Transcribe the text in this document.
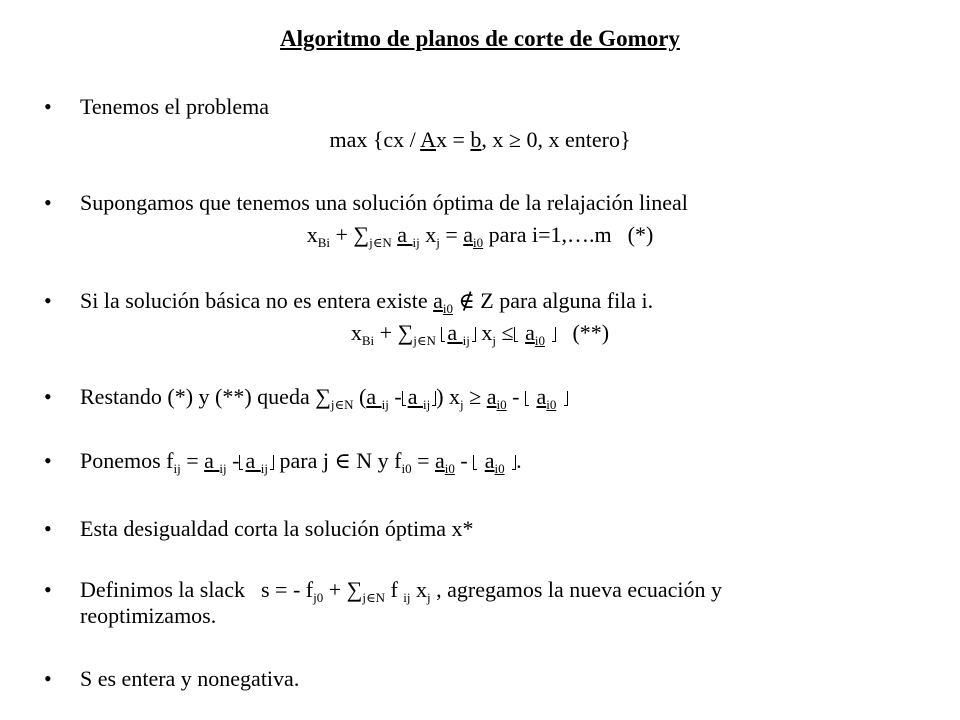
Algoritmo de planos de corte de Gomory
• Tenemos el problema
max {cx / Ax = b, x ≥ 0, x entero}
• Supongamos que tenemos una solución óptima de la relajación lineal
$x_{Bi} + \sum_{j\in N}$ a $_{ij}$ $x_j = a_{i0}$ para i=1,….m (*)
• Si la solución básica no es entera existe $a_{i0}$ ∉ Z para alguna fila i.
$x_{Bi} + \sum_{j\in N}$ a $_{ij}$ $x_j \le a_{i0}$ (**)
• Restando (*) y (**) queda $\sum_{j\in N}$ (a $_{ij}$ - a $_{ij}$ ) $x_j \ge a_{i0} - a_{i0}$
• Ponemos $f_{ij} = a$ $_{ij}$ - a $_{ij}$ para j ∈ N y $f_{i0} = a_{i0} - a_{i0}$ .
• Esta desigualdad corta la solución óptima x*
• Definimos la slack s = - $f_{j0} + \sum_{j\in N}$ f $_{ij}$ $x_j$ , agregamos la nueva ecuación y
reoptimizamos.
• S es entera y nonegativa.
